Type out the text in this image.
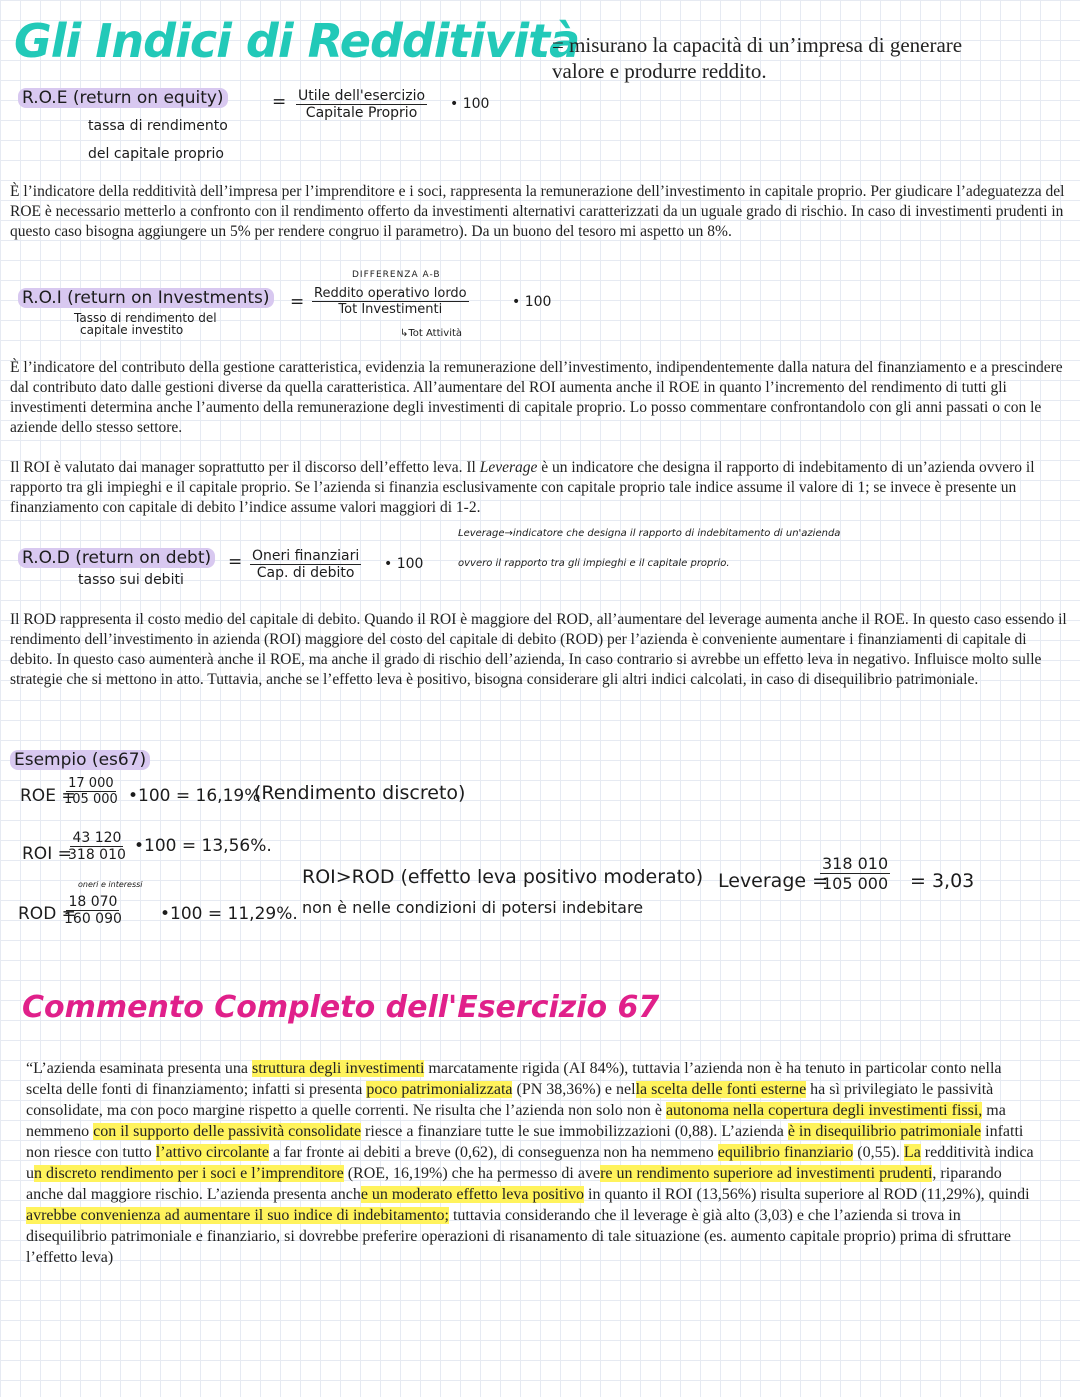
Gli Indici di Redditività
= misurano la capacità di un’impresa di generare valore e produrre reddito.
R.O.E (return on equity)
tassa di rendimento
del capitale proprio
= Utile dell'esercizio
Capitale Proprio
• 100
È l’indicatore della redditività dell’impresa per l’imprenditore e i soci, rappresenta la remunerazione dell’investimento in capitale proprio. Per giudicare l’adeguatezza del ROE è necessario metterlo a confronto con il rendimento offerto da investimenti alternativi caratterizzati da un uguale grado di rischio. In caso di investimenti prudenti in questo caso bisogna aggiungere un 5% per rendere congruo il parametro). Da un buono del tesoro mi aspetto un 8%.
DIFFERENZA A-B
R.O.I (return on Investments)
Tasso di rendimento del
capitale investito
= Reddito operativo lordo
Tot Investimenti
↳Tot Attività
• 100
È l’indicatore del contributo della gestione caratteristica, evidenzia la remunerazione dell’investimento, indipendentemente dalla natura del finanziamento e a prescindere dal contributo dato dalle gestioni diverse da quella caratteristica. All’aumentare del ROI aumenta anche il ROE in quanto l’incremento del rendimento di tutti gli investimenti determina anche l’aumento della remunerazione degli investimenti di capitale proprio. Lo posso commentare confrontandolo con gli anni passati o con le aziende dello stesso settore.
Il ROI è valutato dai manager soprattutto per il discorso dell’effetto leva. Il Leverage è un indicatore che designa il rapporto di indebitamento di un’azienda ovvero il rapporto tra gli impieghi e il capitale proprio. Se l’azienda si finanzia esclusivamente con capitale proprio tale indice assume il valore di 1; se invece è presente un finanziamento con capitale di debito l’indice assume valori maggiori di 1-2.
Leverage→indicatore che designa il rapporto di indebitamento di un'azienda
ovvero il rapporto tra gli impieghi e il capitale proprio.
R.O.D (return on debt)
tasso sui debiti
= Oneri finanziari
Cap. di debito
• 100
Il ROD rappresenta il costo medio del capitale di debito. Quando il ROI è maggiore del ROD, all’aumentare del leverage aumenta anche il ROE. In questo caso essendo il rendimento dell’investimento in azienda (ROI) maggiore del costo del capitale di debito (ROD) per l’azienda è conveniente aumentare i finanziamenti di capitale di debito. In questo caso aumenterà anche il ROE, ma anche il grado di rischio dell’azienda, In caso contrario si avrebbe un effetto leva in negativo. Influisce molto sulle strategie che si mettono in atto. Tuttavia, anche se l’effetto leva è positivo, bisogna considerare gli altri indici calcolati, in caso di disequilibrio patrimoniale.
Esempio (es67)
ROE =
$\frac{17 000}{105 000}$ •100 = 16,19%
(Rendimento discreto)
ROI =
$\frac{43 120}{318 010}$ •100 = 13,56%.
oneri e interessi
ROD =
$\frac{18 070}{160 090}$ •100 = 11,29%.
ROI>ROD (effetto leva positivo moderato)
non è nelle condizioni di potersi indebitare
Leverage =
$\frac{318 010}{105 000} = 3,03$
Commento Completo dell'Esercizio 67
“L’azienda esaminata presenta una struttura degli investimenti marcatamente rigida (AI 84%), tuttavia l’azienda non è ha tenuto in particolar conto nella scelta delle fonti di finanziamento; infatti si presenta poco patrimonializzata (PN 38,36%) e nella scelta delle fonti esterne ha sì privilegiato le passività consolidate, ma con poco margine rispetto a quelle correnti. Ne risulta che l’azienda non solo non è autonoma nella copertura degli investimenti fissi, ma nemmeno con il supporto delle passività consolidate riesce a finanziare tutte le sue immobilizzazioni (0,88). L’azienda è in disequilibrio patrimoniale infatti non riesce con tutto l’attivo circolante a far fronte ai debiti a breve (0,62), di conseguenza non ha nemmeno equilibrio finanziario (0,55). La redditività indica un discreto rendimento per i soci e l’imprenditore (ROE, 16,19%) che ha permesso di avere un rendimento superiore ad investimenti prudenti, riparando anche dal maggiore rischio. L’azienda presenta anche un moderato effetto leva positivo in quanto il ROI (13,56%) risulta superiore al ROD (11,29%), quindi avrebbe convenienza ad aumentare il suo indice di indebitamento; tuttavia considerando che il leverage è già alto (3,03) e che l’azienda si trova in disequilibrio patrimoniale e finanziario, si dovrebbe preferire operazioni di risanamento di tale situazione (es. aumento capitale proprio) prima di sfruttare l’effetto leva)
